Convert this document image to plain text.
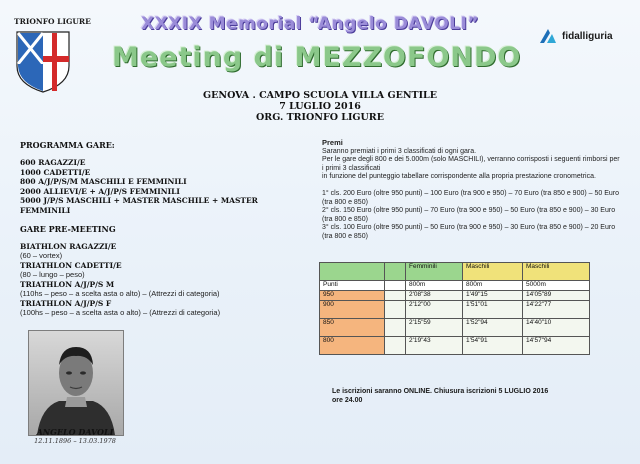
TRIONFO LIGURE	XXXIX Memorial “Angelo DAVOLI”
Meeting di MEZZOFONDO
fidalliguria
GENOVA . CAMPO SCUOLA VILLA GENTILE
7 LUGLIO 2016
ORG. TRIONFO LIGURE
PROGRAMMA GARE:
600 RAGAZZI/E
1000 CADETTI/E
800 A/J/P/S/M MASCHILI E FEMMINILI
2000 ALLIEVI/E + A/J/P/S FEMMINILI
5000 J/P/S MASCHILI + MASTER MASCHILE + MASTER FEMMINILI
GARE PRE-MEETING
BIATHLON RAGAZZI/E
(60 – vortex)
TRIATHLON CADETTI/E
(80 – lungo – peso)
TRIATHLON A/J/P/S M
(110hs – peso – a scelta asta o alto) – (Attrezzi di categoria)
TRIATHLON A/J/P/S F
(100hs – peso – a scelta asta o alto) – (Attrezzi di categoria)
ANGELO DAVOLI
12.11.1896 – 13.03.1978
Premi
Saranno premiati i primi 3 classificati di ogni gara.
Per le gare degli 800 e dei 5.000m (solo MASCHILI), verranno corrisposti i seguenti rimborsi per i primi 3 classificati
in funzione del punteggio tabellare corrispondente alla propria prestazione cronometrica.
1° cls. 200 Euro (oltre 950 punti) – 100 Euro (tra 900 e 950) – 70 Euro (tra 850 e 900) – 50 Euro (tra 800 e 850)
2° cls. 150 Euro (oltre 950 punti) – 70 Euro (tra 900 e 950) – 50 Euro (tra 850 e 900) – 30 Euro (tra 800 e 850)
3° cls. 100 Euro (oltre 950 punti) – 50 Euro (tra 900 e 950) – 30 Euro (tra 850 e 900) – 20 Euro (tra 800 e 850)
		Femminili	Maschili	Maschili
Punti		800m	800m	5000m
950		2'08"38	1'49"15	14'05"89
900		2'12"00	1'51"01	14'22"77
850		2'15"59	1'52"94	14'40"10
800		2'19"43	1'54"91	14'57"94
Le iscrizioni saranno ONLINE. Chiusura iscrizioni 5 LUGLIO 2016 ore 24.00
